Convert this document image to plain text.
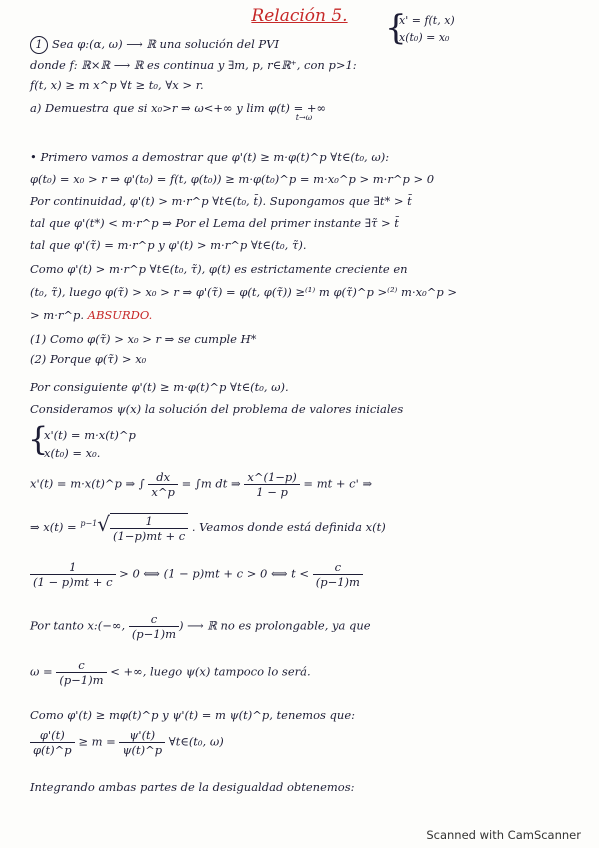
Relación 5.	{
x' = f(t, x)
x(t₀) = x₀
1 Sea φ:(α, ω) ⟶ ℝ una solución del PVI
donde f: ℝ×ℝ ⟶ ℝ es continua y ∃m, p, r∈ℝ⁺, con p>1:
f(t, x) ≥ m x^p ∀t ≥ t₀, ∀x > r.
a) Demuestra que si x₀>r ⇒ ω<+∞ y lim φ(t) = +∞ $_{t\to\omega}$
• Primero vamos a demostrar que φ'(t) ≥ m·φ(t)^p ∀t∈(t₀, ω):
φ(t₀) = x₀ > r ⇒ φ'(t₀) = f(t, φ(t₀)) ≥ m·φ(t₀)^p = m·x₀^p > m·r^p > 0
Por continuidad, φ'(t) > m·r^p ∀t∈(t₀, t̄). Supongamos que ∃t* > t̄
tal que φ'(t*) < m·r^p ⇒ Por el Lema del primer instante ∃τ̃ > t̄
tal que φ'(τ̃) = m·r^p y φ'(t) > m·r^p ∀t∈(t₀, τ̃).
Como φ'(t) > m·r^p ∀t∈(t₀, τ̃), φ(t) es estrictamente creciente en
(t₀, τ̃), luego φ(τ̃) > x₀ > r ⇒ φ'(τ̃) = φ(t, φ(τ̃)) ≥⁽¹⁾ m φ(τ̃)^p >⁽²⁾ m·x₀^p >
> m·r^p. ABSURDO.
(1) Como φ(τ̃) > x₀ > r ⇒ se cumple H*
(2) Porque φ(τ̃) > x₀
Por consiguiente φ'(t) ≥ m·φ(t)^p ∀t∈(t₀, ω).
Consideramos ψ(x) la solución del problema de valores iniciales
{
x'(t) = m·x(t)^p
x(t₀) = x₀.
x'(t) = m·x(t)^p ⇒ ∫ $\frac{dx}{x\^{}p} = \int m$ dt ⇒ $\frac{x\^{}(1-p)}{1 - p}$ = mt + c' ⇒
⇒ $x(t) = ^{p-1}√ \frac{1}{(1-p)mt + c}$ . Veamos donde está definida x(t)
$\frac{1}{(1 - p)mt + c} > 0$ ⟺ (1 − p)mt + c > 0 ⟺ $t < \frac{c}{(p-1)m}$
Por tanto x:(−∞, $\frac{c}{(p-1)m}$ ) ⟶ ℝ no es prolongable, ya que
$\omega = \frac{c}{(p-1)m}$ < +∞, luego ψ(x) tampoco lo será.
Como φ'(t) ≥ mφ(t)^p y ψ'(t) = m ψ(t)^p, tenemos que:
$\frac{\varphi'(t)}{\varphi(t)\^{}p} \ge m = \frac{\psi'(t)}{\psi(t)\^{}p}$ ∀t∈(t₀, ω)
Integrando ambas partes de la desigualdad obtenemos:
Scanned with CamScanner
